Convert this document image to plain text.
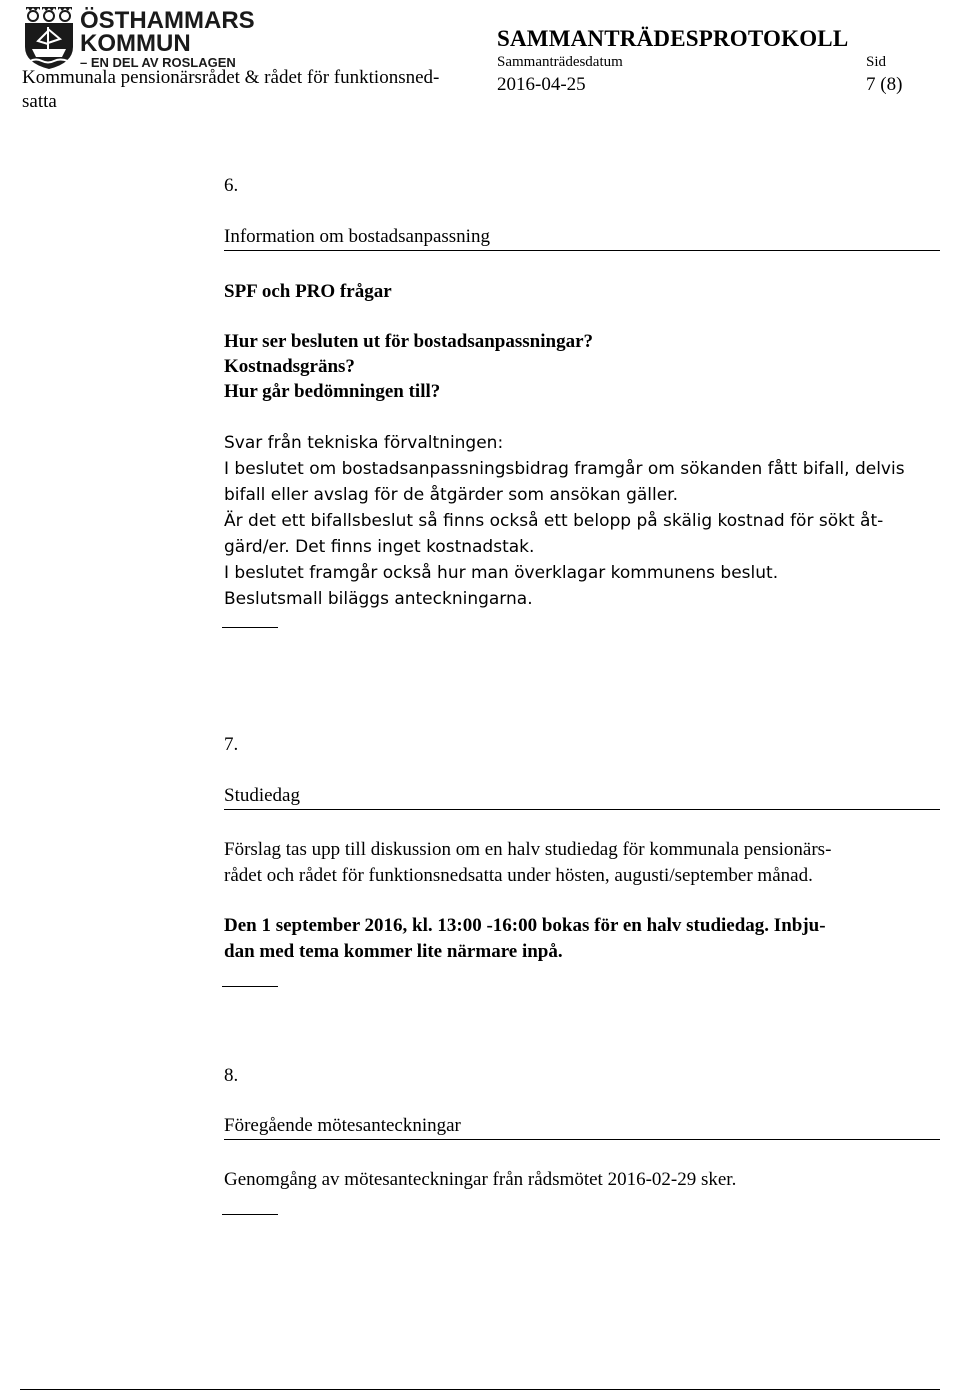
ÖSTHAMMARS
KOMMUN
– EN DEL AV ROSLAGEN
Kommunala pensionärsrådet & rådet för funktionsned-
satta
SAMMANTRÄDESPROTOKOLL
Sammanträdesdatum	Sid
2016-04-25	7 (8)
6.
Information om bostadsanpassning
SPF och PRO frågar
Hur ser besluten ut för bostadsanpassningar?
Kostnadsgräns?
Hur går bedömningen till?
Svar från tekniska förvaltningen:
I beslutet om bostadsanpassningsbidrag framgår om sökanden fått bifall, delvis
bifall eller avslag för de åtgärder som ansökan gäller.
Är det ett bifallsbeslut så finns också ett belopp på skälig kostnad för sökt åt-
gärd/er. Det finns inget kostnadstak.
I beslutet framgår också hur man överklagar kommunens beslut.
Beslutsmall biläggs anteckningarna.
7.
Studiedag
Förslag tas upp till diskussion om en halv studiedag för kommunala pensionärs-
rådet och rådet för funktionsnedsatta under hösten, augusti/september månad.
Den 1 september 2016, kl. 13:00 -16:00 bokas för en halv studiedag. Inbju-
dan med tema kommer lite närmare inpå.
8.
Föregående mötesanteckningar
Genomgång av mötesanteckningar från rådsmötet 2016-02-29 sker.
